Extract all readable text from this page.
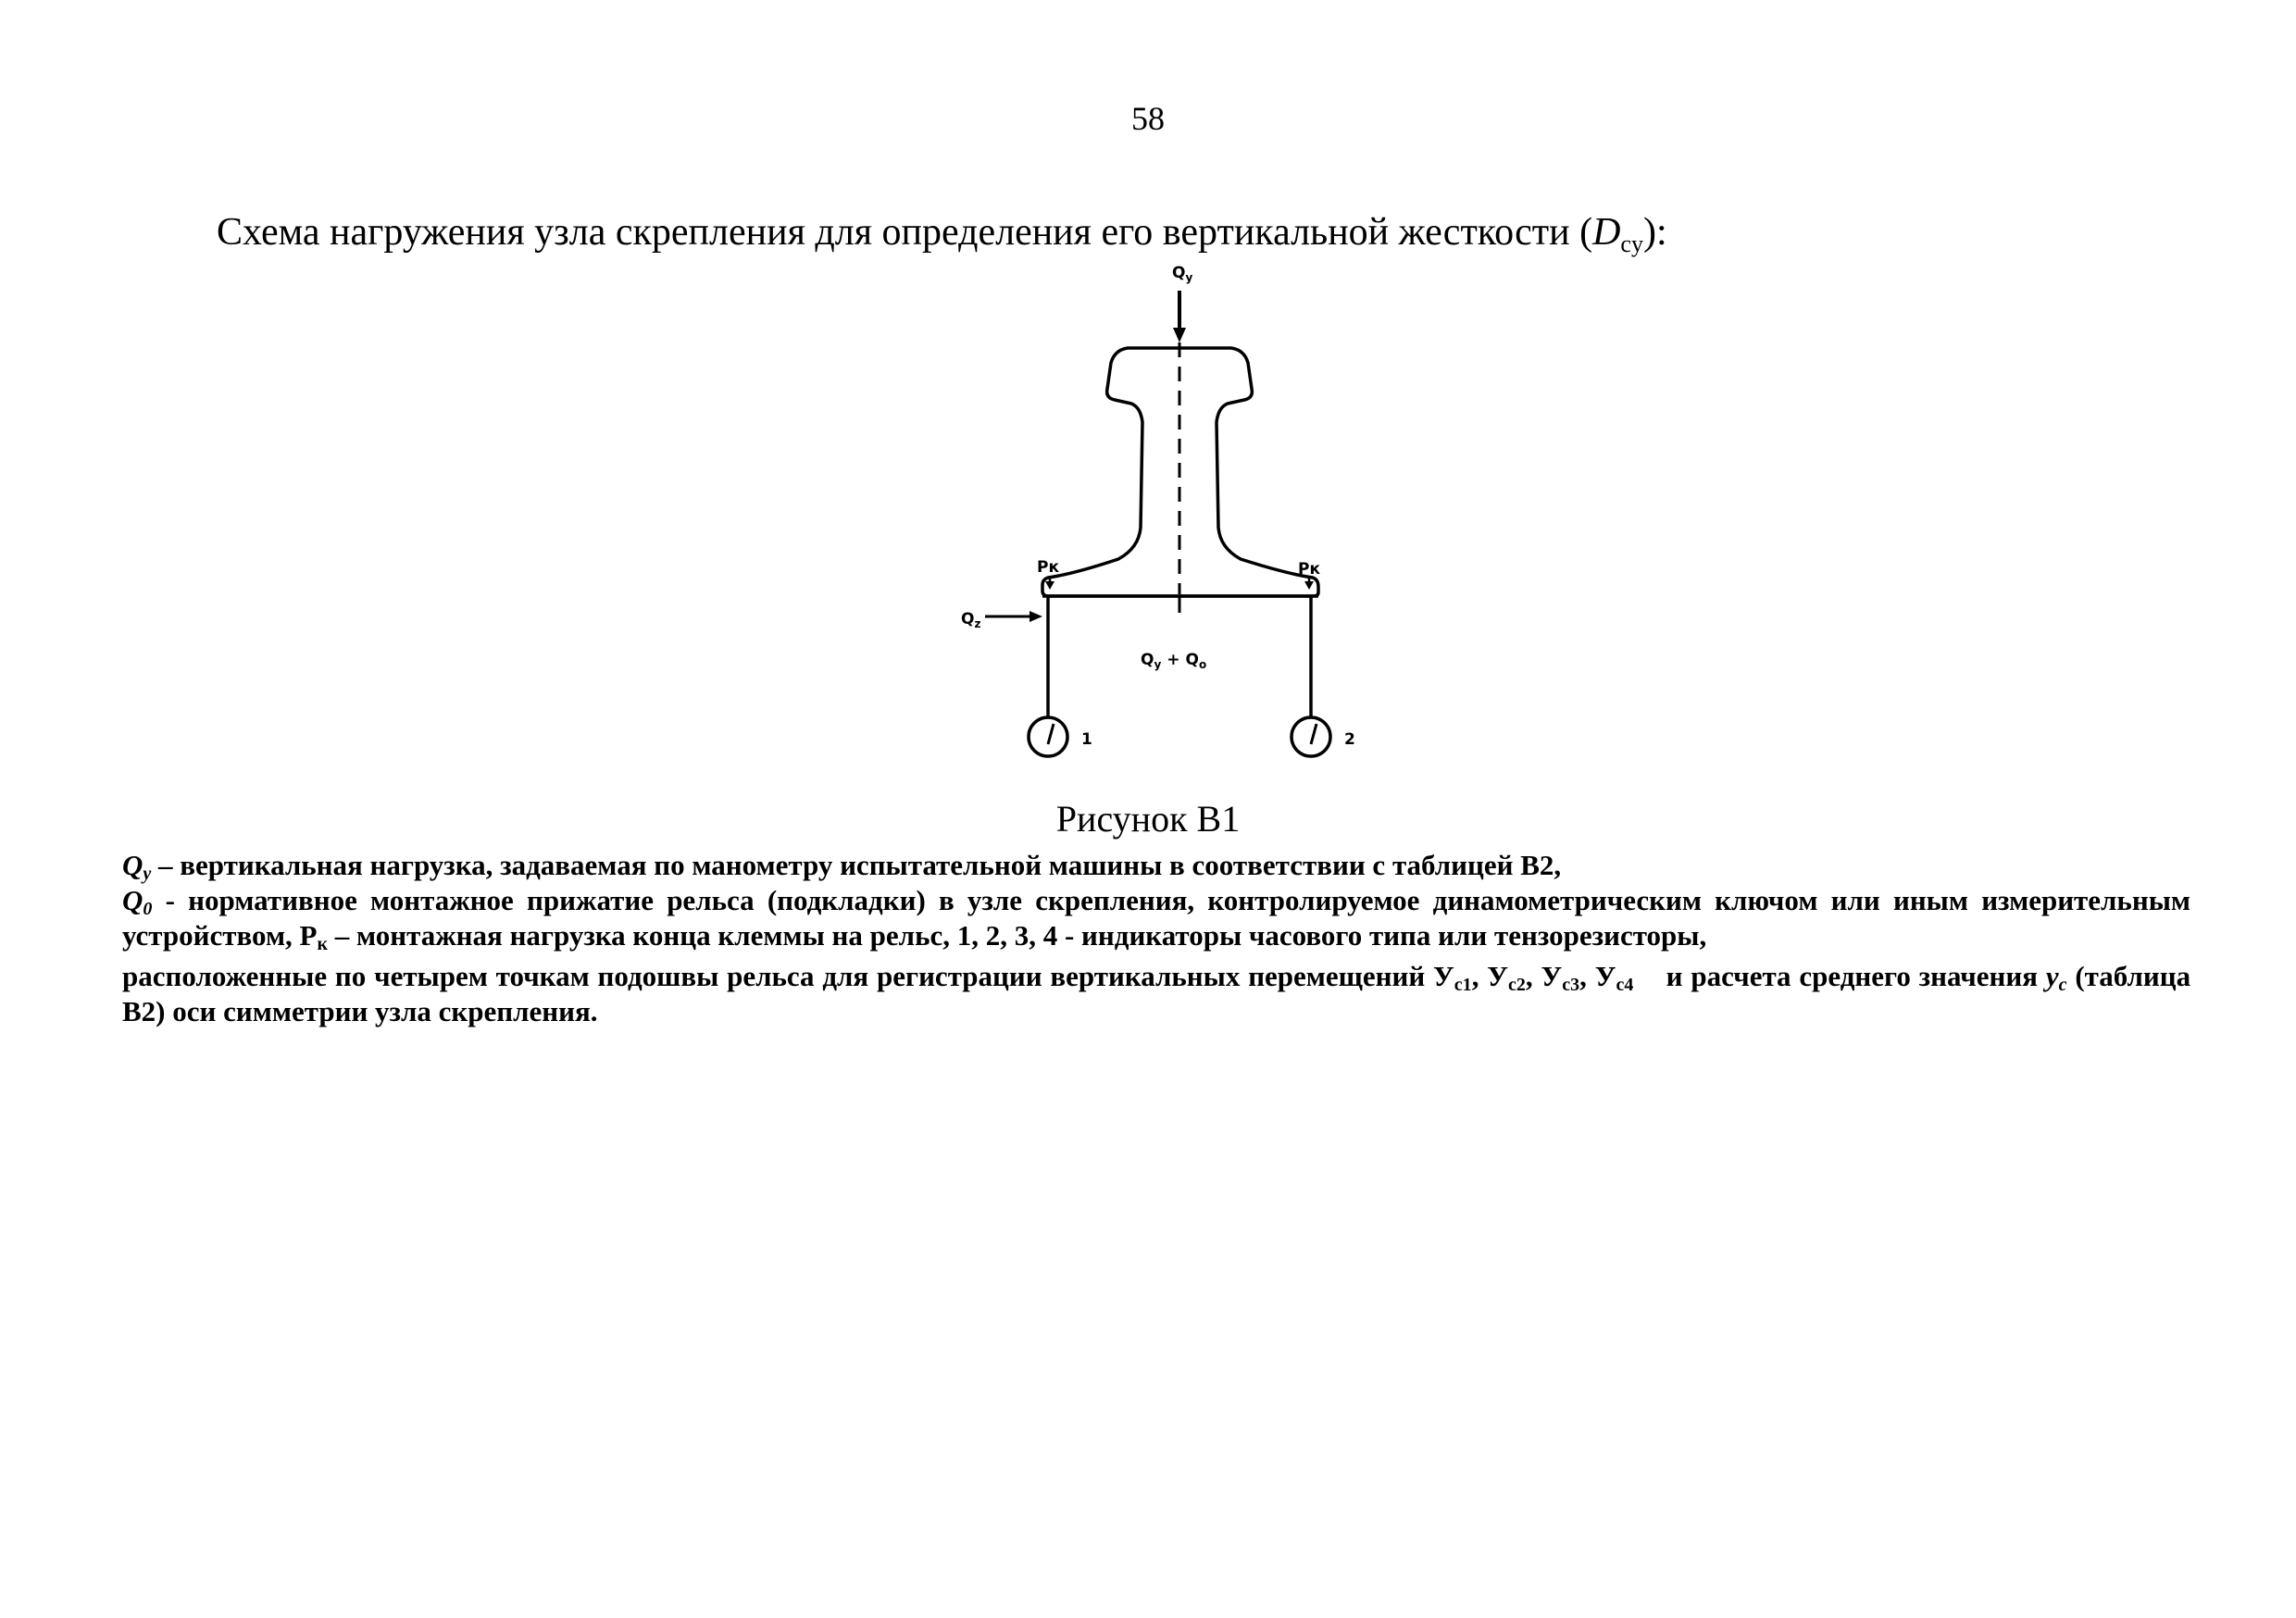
58
Схема нагружения узла скрепления для определения его вертикальной жесткости $(D_{cy})$:
$Q_y$
Pк	Pк
$Q_z$
$Q_y + Q_o$
1	2
Рисунок В1

$Q_y$ – вертикальная нагрузка, задаваемая по манометру испытательной машины в соответствии с таблицей В2,

$Q_0$ - нормативное монтажное прижатие рельса (подкладки) в узле скрепления, контролируемое динамометрическим ключом или иным измерительным устройством, $P_к$ – монтажная нагрузка конца клеммы на рельс, 1, 2, 3, 4 - индикаторы часового типа или тензорезисторы,

расположенные по четырем точкам подошвы рельса для регистрации вертикальных перемещений $У_{c1}$, $У_{c2}$, $У_{c3}$, $У_{c4}$ и расчета среднего значения $y_c$ (таблица В2) оси симметрии узла скрепления.
